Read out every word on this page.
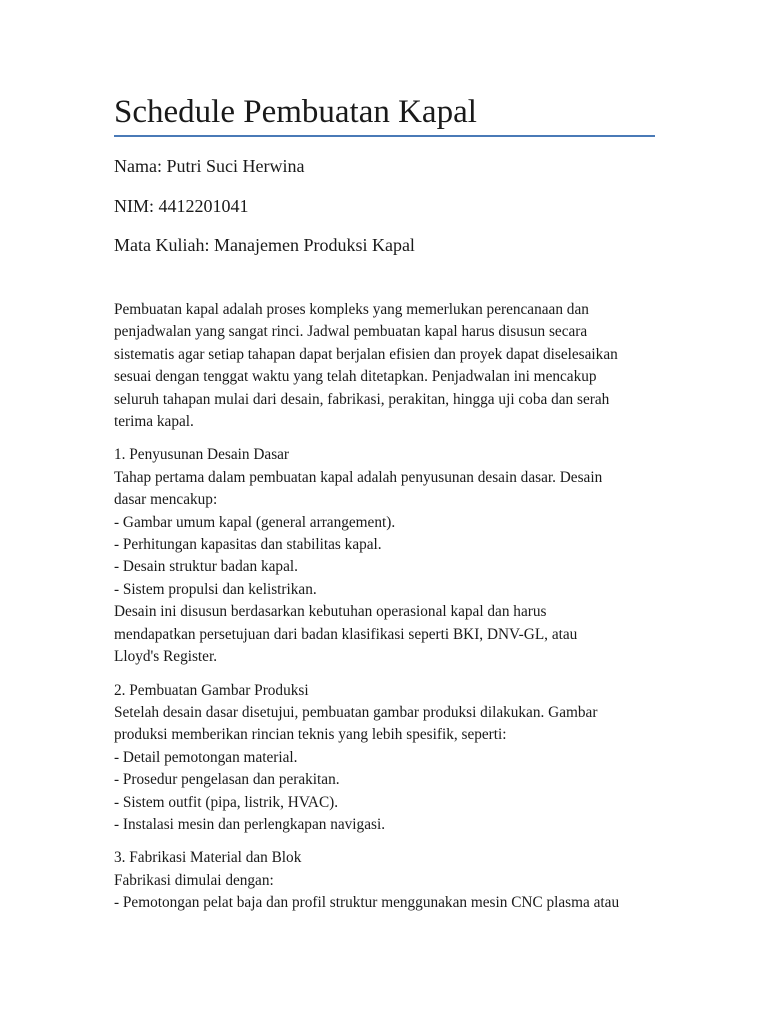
Schedule Pembuatan Kapal

Nama: Putri Suci Herwina

NIM: 4412201041

Mata Kuliah: Manajemen Produksi Kapal

Pembuatan kapal adalah proses kompleks yang memerlukan perencanaan dan
penjadwalan yang sangat rinci. Jadwal pembuatan kapal harus disusun secara
sistematis agar setiap tahapan dapat berjalan efisien dan proyek dapat diselesaikan
sesuai dengan tenggat waktu yang telah ditetapkan. Penjadwalan ini mencakup
seluruh tahapan mulai dari desain, fabrikasi, perakitan, hingga uji coba dan serah
terima kapal.
1. Penyusunan Desain Dasar
Tahap pertama dalam pembuatan kapal adalah penyusunan desain dasar. Desain
dasar mencakup:
- Gambar umum kapal (general arrangement).
- Perhitungan kapasitas dan stabilitas kapal.
- Desain struktur badan kapal.
- Sistem propulsi dan kelistrikan.
Desain ini disusun berdasarkan kebutuhan operasional kapal dan harus
mendapatkan persetujuan dari badan klasifikasi seperti BKI, DNV-GL, atau
Lloyd's Register.
2. Pembuatan Gambar Produksi
Setelah desain dasar disetujui, pembuatan gambar produksi dilakukan. Gambar
produksi memberikan rincian teknis yang lebih spesifik, seperti:
- Detail pemotongan material.
- Prosedur pengelasan dan perakitan.
- Sistem outfit (pipa, listrik, HVAC).
- Instalasi mesin dan perlengkapan navigasi.
3. Fabrikasi Material dan Blok
Fabrikasi dimulai dengan:
- Pemotongan pelat baja dan profil struktur menggunakan mesin CNC plasma atau
